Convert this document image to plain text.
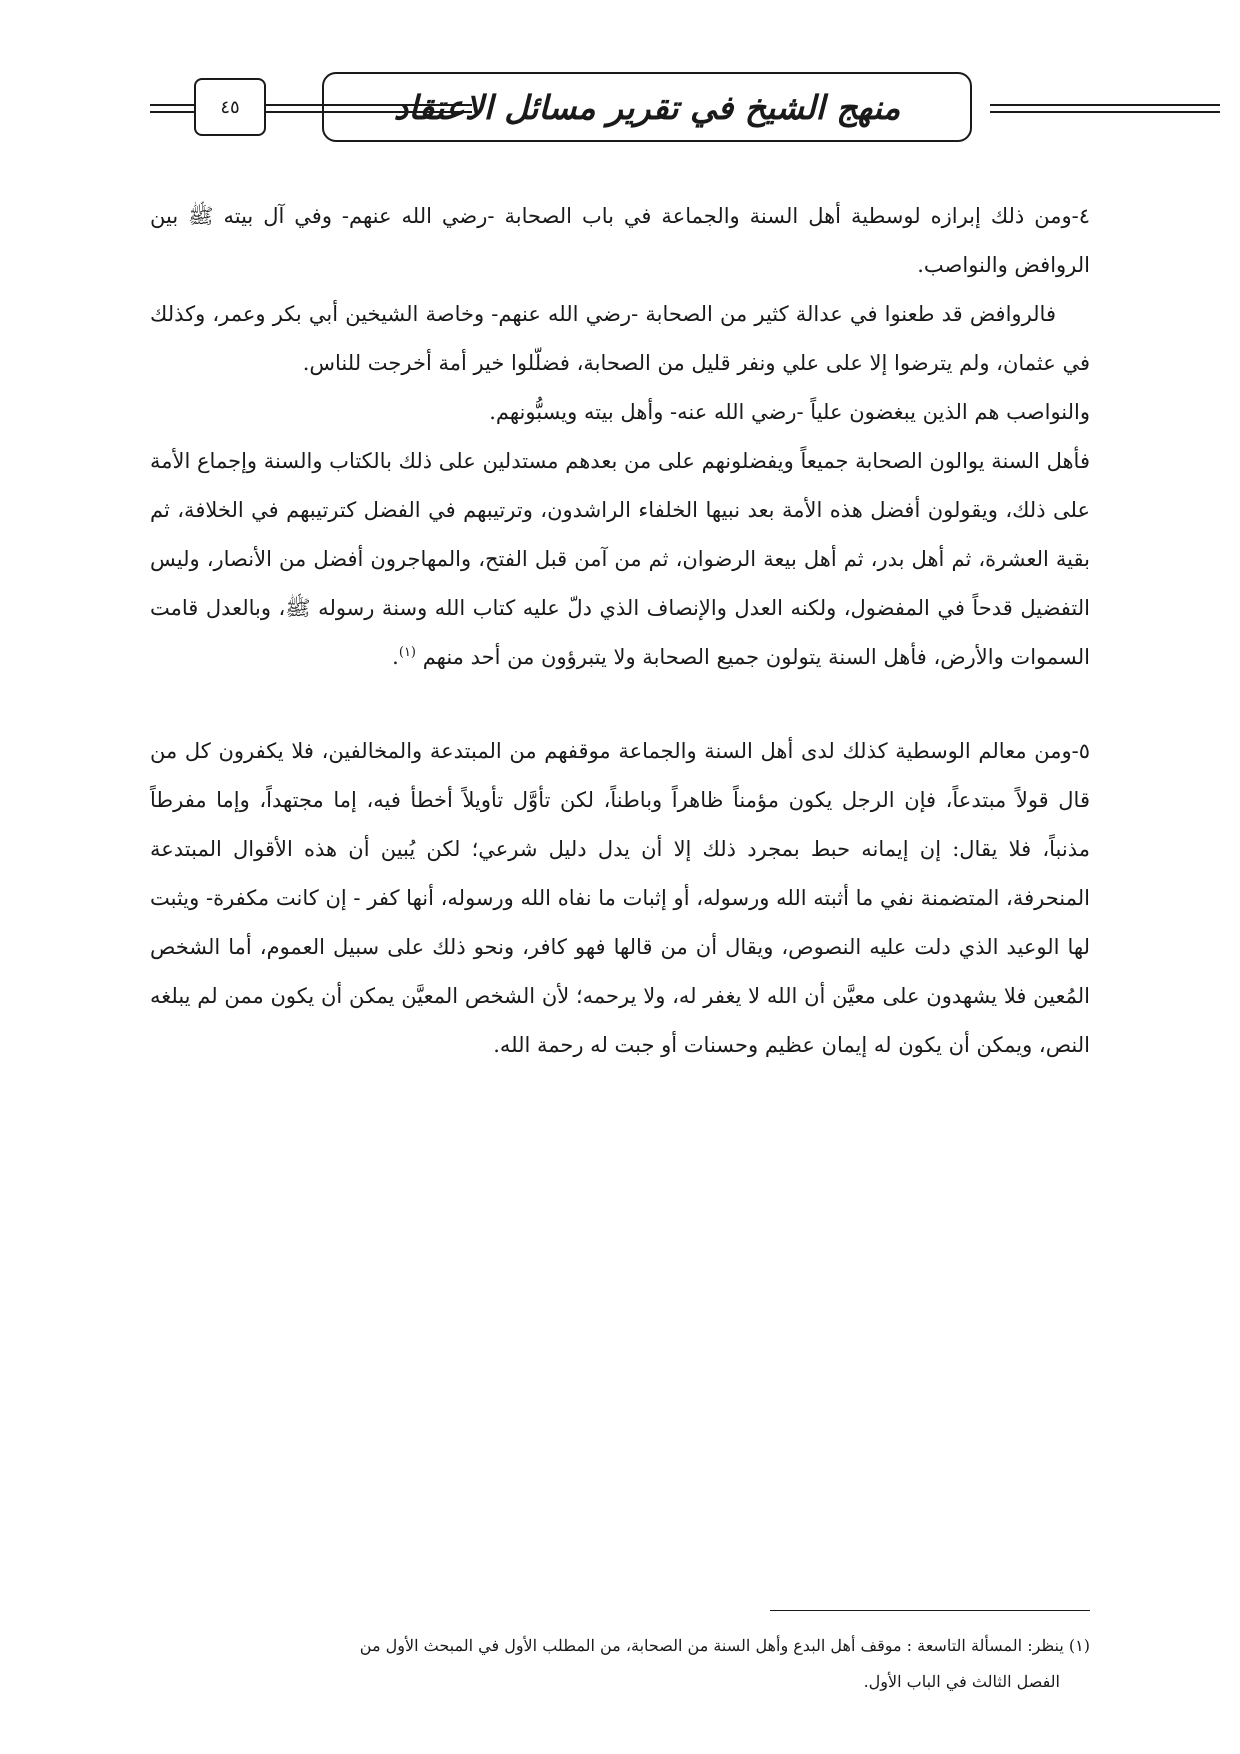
منهج الشيخ في تقرير مسائل الاعتقاد
٤٥

٤-ومن ذلك إبرازه لوسطية أهل السنة والجماعة في باب الصحابة -رضي الله عنهم- وفي آل بيته ﷺ بين الروافض والنواصب.

فالروافض قد طعنوا في عدالة كثير من الصحابة -رضي الله عنهم- وخاصة الشيخين أبي بكر وعمر، وكذلك في عثمان، ولم يترضوا إلا على علي ونفر قليل من الصحابة، فضلّلوا خير أمة أخرجت للناس.

والنواصب هم الذين يبغضون علياً -رضي الله عنه- وأهل بيته ويسبُّونهم.

فأهل السنة يوالون الصحابة جميعاً ويفضلونهم على من بعدهم مستدلين على ذلك بالكتاب والسنة وإجماع الأمة على ذلك، ويقولون أفضل هذه الأمة بعد نبيها الخلفاء الراشدون، وترتيبهم في الفضل كترتيبهم في الخلافة، ثم بقية العشرة، ثم أهل بدر، ثم أهل بيعة الرضوان، ثم من آمن قبل الفتح، والمهاجرون أفضل من الأنصار، وليس التفضيل قدحاً في المفضول، ولكنه العدل والإنصاف الذي دلّ عليه كتاب الله وسنة رسوله ﷺ، وبالعدل قامت السموات والأرض، فأهل السنة يتولون جميع الصحابة ولا يتبرؤون من أحد منهم $^{(١)}$.

٥-ومن معالم الوسطية كذلك لدى أهل السنة والجماعة موقفهم من المبتدعة والمخالفين، فلا يكفرون كل من قال قولاً مبتدعاً، فإن الرجل يكون مؤمناً ظاهراً وباطناً، لكن تأوَّل تأويلاً أخطأ فيه، إما مجتهداً، وإما مفرطاً مذنباً، فلا يقال: إن إيمانه حبط بمجرد ذلك إلا أن يدل دليل شرعي؛ لكن يُبين أن هذه الأقوال المبتدعة المنحرفة، المتضمنة نفي ما أثبته الله ورسوله، أو إثبات ما نفاه الله ورسوله، أنها كفر - إن كانت مكفرة- ويثبت لها الوعيد الذي دلت عليه النصوص، ويقال أن من قالها فهو كافر، ونحو ذلك على سبيل العموم، أما الشخص المُعين فلا يشهدون على معيَّن أن الله لا يغفر له، ولا يرحمه؛ لأن الشخص المعيَّن يمكن أن يكون ممن لم يبلغه النص، ويمكن أن يكون له إيمان عظيم وحسنات أو جبت له رحمة الله.

(١) ينظر: المسألة التاسعة : موقف أهل البدع وأهل السنة من الصحابة، من المطلب الأول في المبحث الأول من

الفصل الثالث في الباب الأول.
